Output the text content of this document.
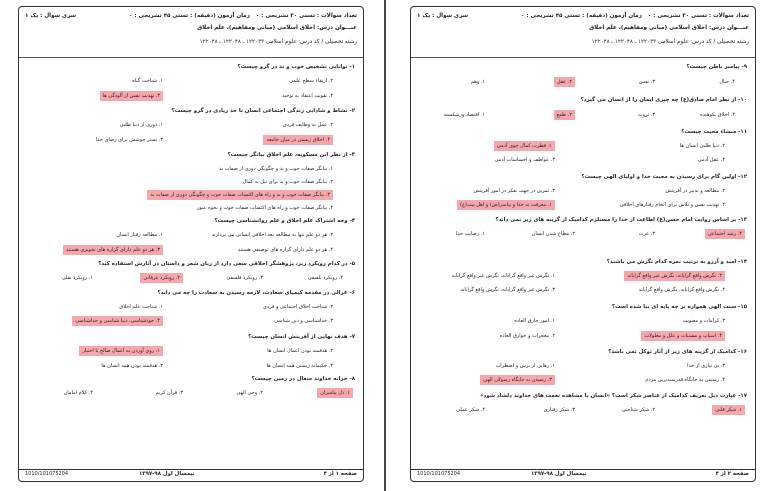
سری سوال : یک ۱	تعداد سوالات : تستی ۳۰ تشریحی : ۰   زمان آزمون (دقیقه) : تستی ۴۵ تشریحی : ۰
عنـــوان درس: اخلاق اسلامی (مبانی ومفاهیم)، علم اخلاق
رشته تحصیلی / کد درس: علوم اسلامی ۱۲۲۰۳۳ ـ ۱۲۲۰۴۸ ـ ۱۲۲۰۴۸
۱- توانایی تشخیص خوب و بد در گرو چیست؟
۱. شناخت گناه	۲. ارتقاء سطح علمی
۳. تهذیب نفس از آلودگی ها	۴. تقویت اعتقاد به توحید
۲- نشاط و شادابی زندگی اجتماعی انسان تا حد زیادی در گرو چیست؟
۱. دوری از دنیا طلبی	۲. عمل به وظایف فردی
۳. بستر جوشش برای رضای خدا	۴. اخلاق زیستن در میان جامعه
۳- از نظر ابن مسکویه، علم اخلاق بیانگر چیست؟
۱. بیانگر صفات خوب و بد و چگونگی دوری از صفات بد
۲. بیانگر صفات خوب و بد برای نیل به کمال
۳. بیانگر صفات خوب و بد و راه های اکتساب صفات خوب و چگونگی دوری از صفات بد
۴. بیانگر صفات خوب و راه های اکتساب صفات خوب و نحوه عبور
۴- وجه اشتراک علم اخلاق و علم روانشناسی چیست؟
۱. مطالعه رفتار انسان	۲. هر دو علم تنها به مطالعه بعد اخلاقی انسانی می پردازند
۳. هر دو علم دارای گزاره های تجویزی هستند	۴. هر دو علم دارای گزاره های توصیفی هستند
۵- در کدام رویکرد زیر، پژوهشگر اخلاقی سعی دارد از زبان شعر و داستان در آثارش استفاده کند؟
۱. رویکرد نقلی	۲. رویکرد عرفانی	۳. رویکرد فلسفی	۴. رویکرد تلفیقی
۶- غزالی در مقدمه کیمیای سعادت، لازمه رسیدن به سعادت را چه می داند؟
۱. شناخت علم اخلاق	۲. شناخت اخلاق اجتماعی و فردی
۳. خداشناسی و دین شناسی
۴. خودشناسی، دنیا شناسی و خداشناسی
۷- هدف نهایی از آفرینش انسان چیست؟
۱. روی آوردن به اعمال صالح با اختیار	۲. هدفمند بودن اعمال انسان ها
۳. هدفمند بودن همه انسان ها	۴. حکیمانه زیستن همه انسان ها
۸- خزانه خداوند متعال در زمین چیست؟
۱. دل پیامبران
۲. وحی الهی
۳. قرآن کریم
۴. کلام امامان
صفحه ۱ از ۴
نیمسال اول ۹۸-۱۳۹۷
1010/101075204
سری سوال : یک ۱	تعداد سوالات : تستی ۳۰ تشریحی : ۰   زمان آزمون (دقیقه) : تستی ۴۵ تشریحی : ۰
عنـــوان درس: اخلاق اسلامی (مبانی ومفاهیم)، علم اخلاق
رشته تحصیلی / کد درس: علوم اسلامی ۱۲۲۰۳۳ ـ ۱۲۲۰۴۸ ـ ۱۲۲۰۴۸
۹- پیامبر باطن چیست؟
۱. وهم	۲. عقل	۳. نفس	۴. خیال
۱۰- از نظر امام صادق(ع) چه چیزی ایمان را از انسان می گیرد؟
۱. اقتصاد ورشکسته	۲. طمع	۳. ثروت	۴. اخلاق نکوهیده
۱۱- منشاء محبت چیست؟
۱. فطرت کمال جوی آدمی	۲. دنیا طلبی انسان ها
۳. عواطف و احساسات آدمی	۴. عقل آدمی
۱۲- اولین گام برای رسیدن به محبت خدا و اولیای الهی چیست؟
۱. معرفت به خدا و پیامبر(ص) و اهل بیت(ع)
۲. مطالعه و تدبیر در آفرینش
۳. تمرین در جهت تفکر در امور آفرینش
۴. تهذیب نفس و تلاش برای انجام رفتارهای اخلاقی
۱۳- بر اساس روایت امام حسن(ع) اطاعت از خدا را مستلزم کدامیک از گزینه های زیر نمی داند؟
۱. رضایت خدا	۲. مطاع شدن انسان	۳. عزت	۴. رشد اجتماعی
۱۴- امید و آرزو به ترتیب نمره کدام نگرش می باشند؟
۱. نگرش غیر واقع گرایانه، نگرش غیر واقع گرایانه	۲. نگرش واقع گرایانه، نگرش غیر واقع گرایانه
۳. نگرش غیر واقع گرایانه، نگرش واقع گرایانه	۴. نگرش واقع گرایانه، نگرش واقع گرایانه
۱۵- سنت الهی همواره بر چه پایه ای بنا شده است؟
۱. امور خارق العاده
۲. معجزات و خوارق العاده
۳. کرامات و معنویت
۴. اسباب و مسببات و علل و معلولات
۱۶- کدامیک از گزینه های زیر از آثار توکل نمی باشد؟
۱. رهایی از ترس و اضطراب
۲. رسیدن به جایگاه رسولان الهی
۳. بی نیازی از خدا
۴. رسیدن به جایگاه قدرتمندترین مردم
۱۷- عبارت ذیل تعریف کدامیک از عناصر شکر است؟ «انسان با مشاهده نعمت های خداوند دلشاد شود»
۱. شکر قلبی
۲. شکر شناختی
۳. شکر رفتاری
۴. شکر عملی
صفحه ۲ از ۴
نیمسال اول ۹۸-۱۳۹۷
1010/101075204
